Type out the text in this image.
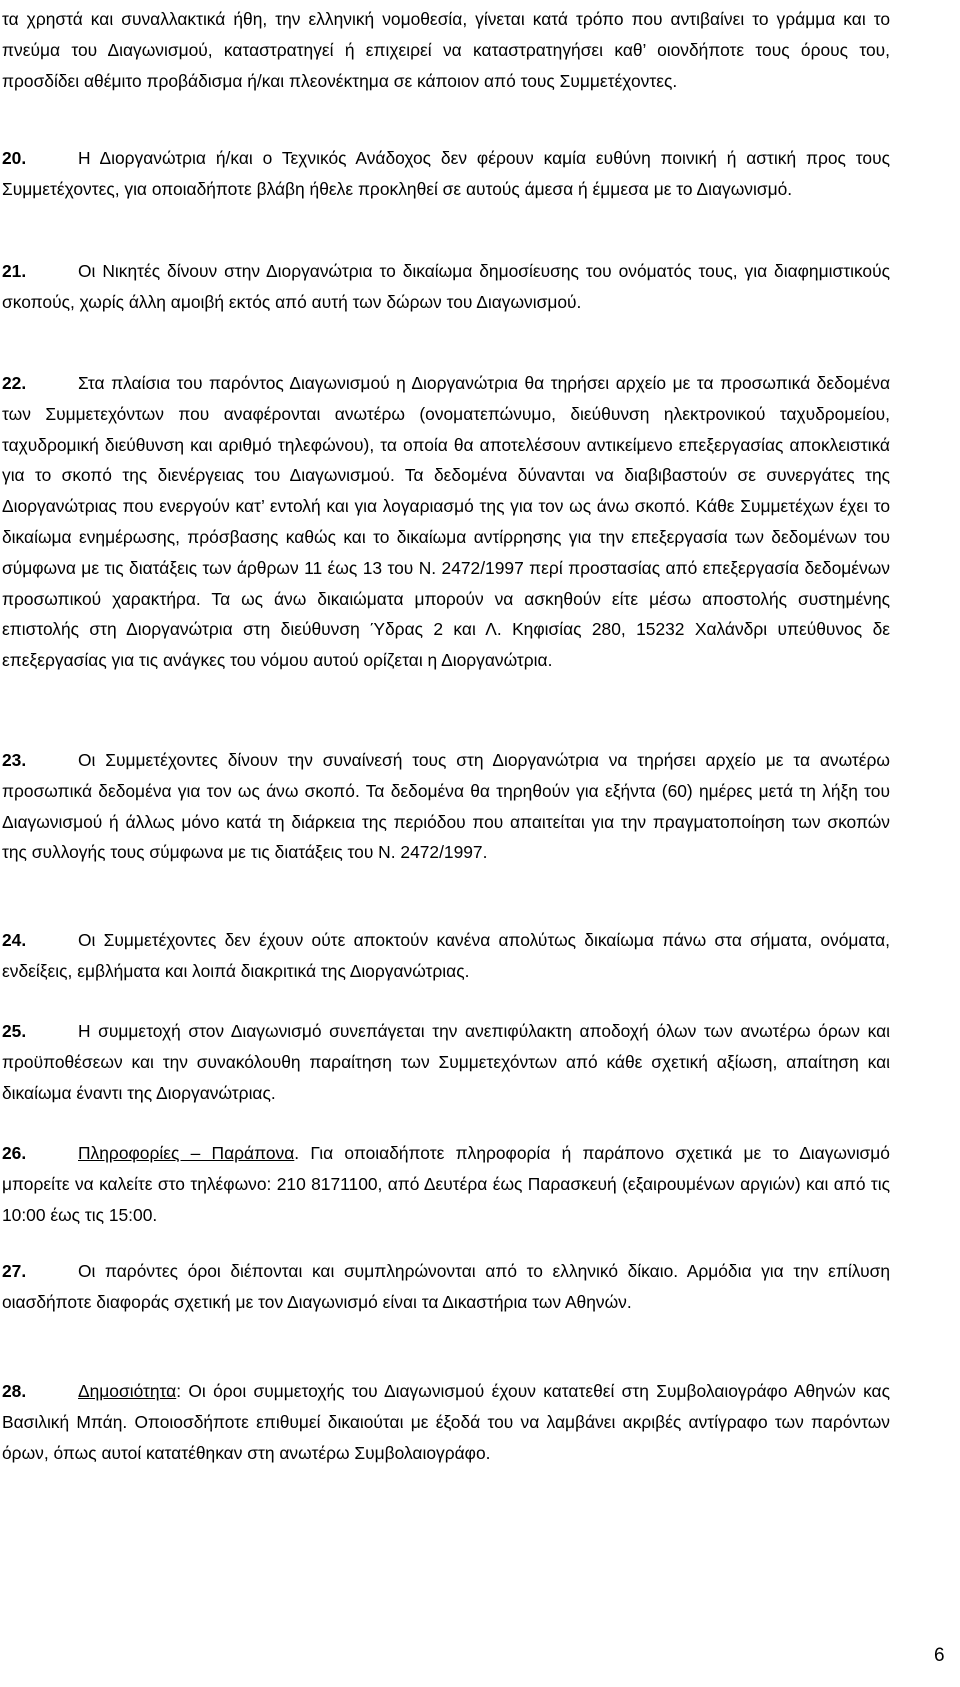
τα χρηστά και συναλλακτικά ήθη, την ελληνική νομοθεσία, γίνεται κατά τρόπο που αντιβαίνει το γράμμα και το πνεύμα του Διαγωνισμού, καταστρατηγεί ή επιχειρεί να καταστρατηγήσει καθ’ οιονδήποτε τους όρους του, προσδίδει αθέμιτο προβάδισμα ή/και πλεονέκτημα σε κάποιον από τους Συμμετέχοντες.

20.	Η Διοργανώτρια ή/και ο Τεχνικός Ανάδοχος δεν φέρουν καμία ευθύνη ποινική ή αστική προς τους Συμμετέχοντες, για οποιαδήποτε βλάβη ήθελε προκληθεί σε αυτούς άμεσα ή έμμεσα με το Διαγωνισμό.

21.	Οι Νικητές δίνουν στην Διοργανώτρια το δικαίωμα δημοσίευσης του ονόματός τους, για διαφημιστικούς σκοπούς, χωρίς άλλη αμοιβή εκτός από αυτή των δώρων του Διαγωνισμού.

22.	Στα πλαίσια του παρόντος Διαγωνισμού η Διοργανώτρια θα τηρήσει αρχείο με τα προσωπικά δεδομένα των Συμμετεχόντων που αναφέρονται ανωτέρω (ονοματεπώνυμο, διεύθυνση ηλεκτρονικού ταχυδρομείου, ταχυδρομική διεύθυνση και αριθμό τηλεφώνου), τα οποία θα αποτελέσουν αντικείμενο επεξεργασίας αποκλειστικά για το σκοπό της διενέργειας του Διαγωνισμού. Τα δεδομένα δύνανται να διαβιβαστούν σε συνεργάτες της Διοργανώτριας που ενεργούν κατ’ εντολή και για λογαριασμό της για τον ως άνω σκοπό. Κάθε Συμμετέχων έχει το δικαίωμα ενημέρωσης, πρόσβασης καθώς και το δικαίωμα αντίρρησης για την επεξεργασία των δεδομένων του σύμφωνα με τις διατάξεις των άρθρων 11 έως 13 του Ν. 2472/1997 περί προστασίας από επεξεργασία δεδομένων προσωπικού χαρακτήρα. Τα ως άνω δικαιώματα μπορούν να ασκηθούν είτε μέσω αποστολής συστημένης επιστολής στη Διοργανώτρια στη διεύθυνση Ύδρας 2 και Λ. Κηφισίας 280, 15232 Χαλάνδρι υπεύθυνος δε επεξεργασίας για τις ανάγκες του νόμου αυτού ορίζεται η Διοργανώτρια.

23.	Οι Συμμετέχοντες δίνουν την συναίνεσή τους στη Διοργανώτρια να τηρήσει αρχείο με τα ανωτέρω προσωπικά δεδομένα για τον ως άνω σκοπό. Τα δεδομένα θα τηρηθούν για εξήντα (60) ημέρες μετά τη λήξη του Διαγωνισμού ή άλλως μόνο κατά τη διάρκεια της περιόδου που απαιτείται για την πραγματοποίηση των σκοπών της συλλογής τους σύμφωνα με τις διατάξεις του Ν. 2472/1997.

24.	Οι Συμμετέχοντες δεν έχουν ούτε αποκτούν κανένα απολύτως δικαίωμα πάνω στα σήματα, ονόματα, ενδείξεις, εμβλήματα και λοιπά διακριτικά της Διοργανώτριας.

25.	Η συμμετοχή στον Διαγωνισμό συνεπάγεται την ανεπιφύλακτη αποδοχή όλων των ανωτέρω όρων και προϋποθέσεων και την συνακόλουθη παραίτηση των Συμμετεχόντων από κάθε σχετική αξίωση, απαίτηση και δικαίωμα έναντι της Διοργανώτριας.

26.	Πληροφορίες – Παράπονα. Για οποιαδήποτε πληροφορία ή παράπονο σχετικά με το Διαγωνισμό μπορείτε να καλείτε στο τηλέφωνο: 210 8171100, από Δευτέρα έως Παρασκευή (εξαιρουμένων αργιών) και από τις 10:00 έως τις 15:00.

27.	Οι παρόντες όροι διέπονται και συμπληρώνονται από το ελληνικό δίκαιο. Αρμόδια για την επίλυση οιασδήποτε διαφοράς σχετική με τον Διαγωνισμό είναι τα Δικαστήρια των Αθηνών.

28.	Δημοσιότητα: Οι όροι συμμετοχής του Διαγωνισμού έχουν κατατεθεί στη Συμβολαιογράφο Αθηνών κας Βασιλική Μπάη. Οποιοσδήποτε επιθυμεί δικαιούται με έξοδά του να λαμβάνει ακριβές αντίγραφο των παρόντων όρων, όπως αυτοί κατατέθηκαν στη ανωτέρω Συμβολαιογράφο.

6
